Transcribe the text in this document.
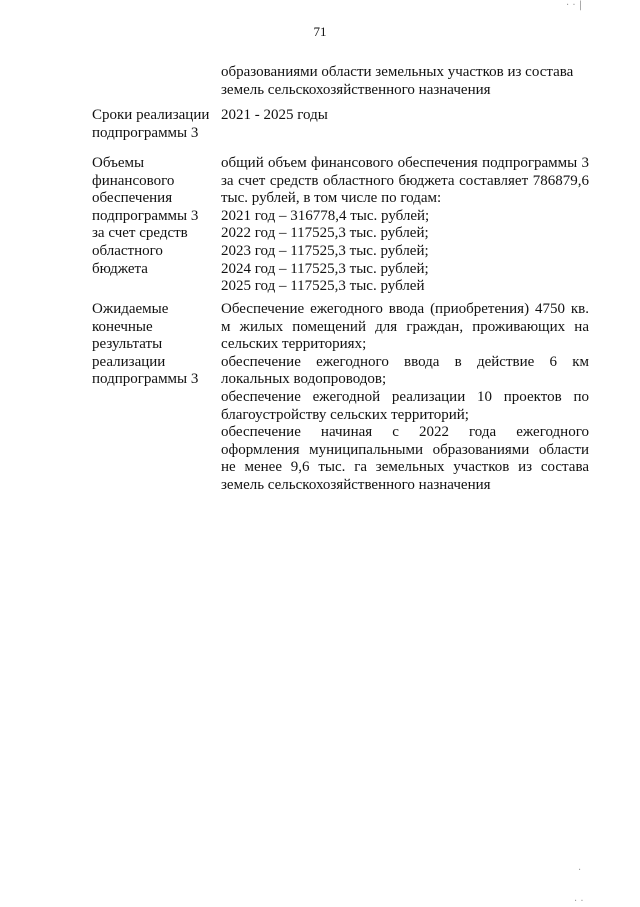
· · |
.
· ·
71
образованиями области земельных участков из состава
земель сельскохозяйственного назначения
Сроки реализации подпрограммы 3
2021 - 2025 годы
Объемы финансового обеспечения подпрограммы 3 за счет средств областного бюджета
общий объем финансового обеспечения подпрограммы 3 за счет средств областного бюджета составляет 786879,6 тыс. рублей, в том числе по годам:
2021 год – 316778,4 тыс. рублей;
2022 год – 117525,3 тыс. рублей;
2023 год – 117525,3 тыс. рублей;
2024 год – 117525,3 тыс. рублей;
2025 год – 117525,3 тыс. рублей
Ожидаемые конечные результаты реализации подпрограммы 3
Обеспечение ежегодного ввода (приобретения) 4750 кв. м жилых помещений для граждан, проживающих на сельских территориях;
обеспечение ежегодного ввода в действие 6 км локальных водопроводов;
обеспечение ежегодной реализации 10 проектов по благоустройству сельских территорий;
обеспечение начиная с 2022 года ежегодного оформления муниципальными образованиями области не менее 9,6 тыс. га земельных участков из состава земель сельскохозяйственного назначения
